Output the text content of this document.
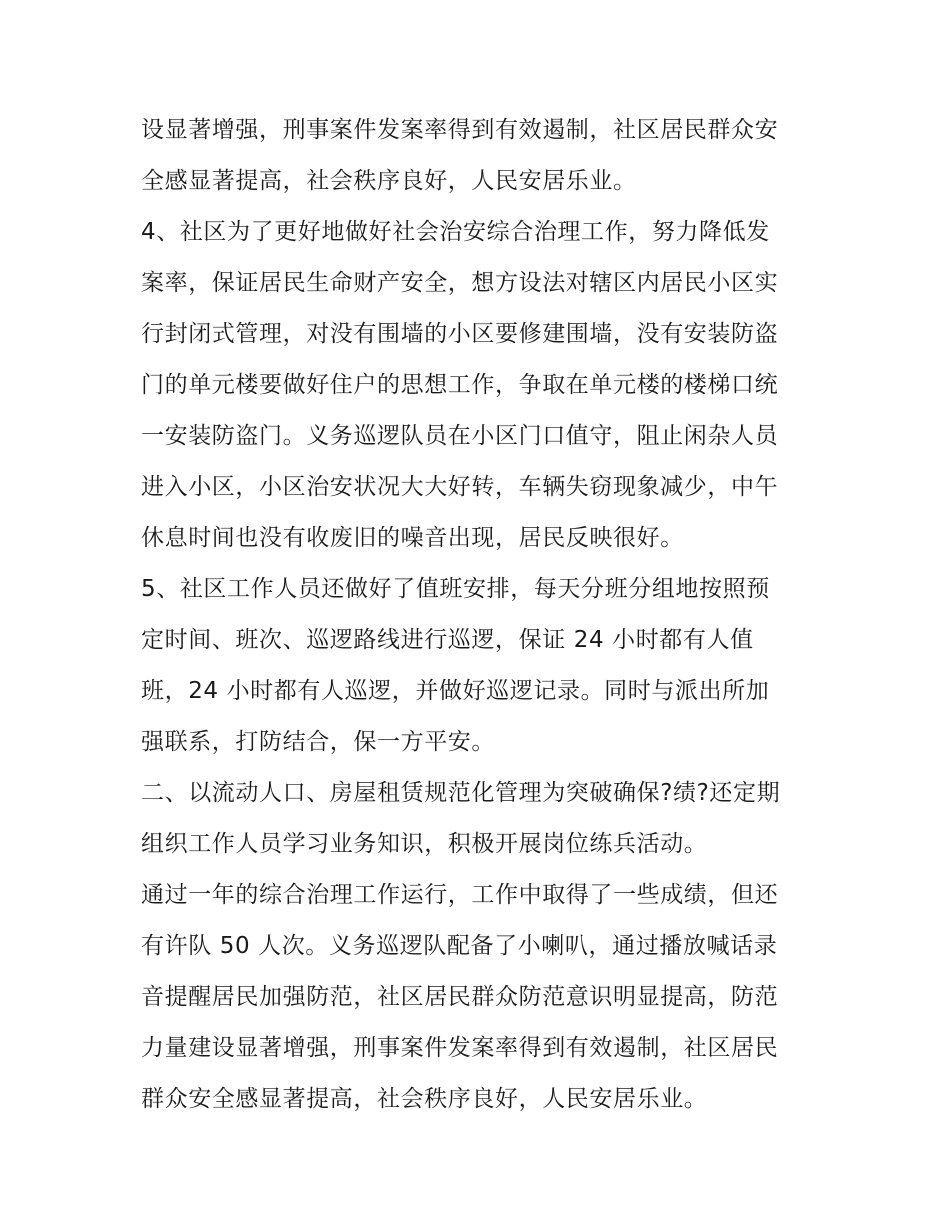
设显著增强，刑事案件发案率得到有效遏制，社区居民群众安
全感显著提高，社会秩序良好，人民安居乐业。
4、社区为了更好地做好社会治安综合治理工作，努力降低发
案率，保证居民生命财产安全，想方设法对辖区内居民小区实
行封闭式管理，对没有围墙的小区要修建围墙，没有安装防盗
门的单元楼要做好住户的思想工作，争取在单元楼的楼梯口统
一安装防盗门。义务巡逻队员在小区门口值守，阻止闲杂人员
进入小区，小区治安状况大大好转，车辆失窃现象减少，中午
休息时间也没有收废旧的噪音出现，居民反映很好。
5、社区工作人员还做好了值班安排，每天分班分组地按照预
定时间、班次、巡逻路线进行巡逻，保证 24 小时都有人值
班，24 小时都有人巡逻，并做好巡逻记录。同时与派出所加
强联系，打防结合，保一方平安。
二、以流动人口、房屋租赁规范化管理为突破确保?绩?还定期
组织工作人员学习业务知识，积极开展岗位练兵活动。
通过一年的综合治理工作运行，工作中取得了一些成绩，但还
有许队 50 人次。义务巡逻队配备了小喇叭，通过播放喊话录
音提醒居民加强防范，社区居民群众防范意识明显提高，防范
力量建设显著增强，刑事案件发案率得到有效遏制，社区居民
群众安全感显著提高，社会秩序良好，人民安居乐业。
